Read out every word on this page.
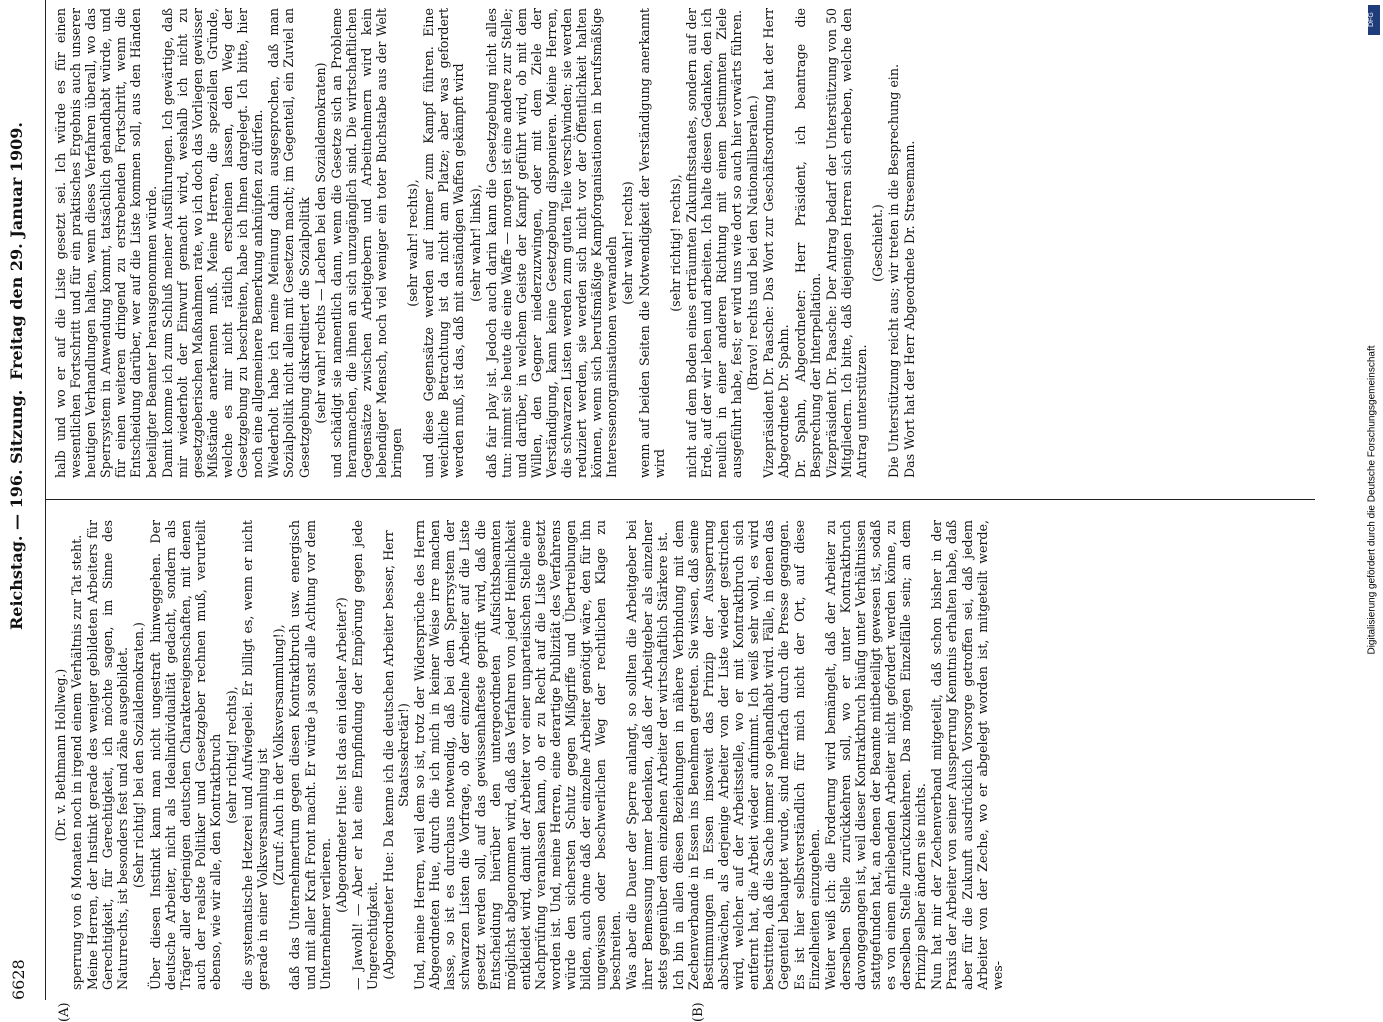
6628
Reichstag. — 196. Sitzung.
Freitag den 29. Januar 1909.
(A)	(B)

(Dr. v. Bethmann Hollweg.) sperrung von 6 Monaten noch in irgend einem Verhältnis zur Tat steht. Meine Herren, der Instinkt gerade des weniger gebildeten Arbeiters für Gerechtigkeit, für Gerechtigkeit, ich möchte sagen, im Sinne des Naturrechts, ist besonders fest und zähe ausgebildet. (Sehr richtig! bei den Sozialdemokraten.) Über diesen Instinkt kann man nicht ungestraft hinweggehen. Der deutsche Arbeiter, nicht als Idealindividualität gedacht, sondern als Träger aller derjenigen deutschen Charaktereigenschaften, mit denen auch der realste Politiker und Gesetzgeber rechnen muß, verurteilt ebenso, wie wir alle, den Kontraktbruch (sehr richtig! rechts), die systematische Hetzerei und Aufwiegelei. Er billigt es, wenn er nicht gerade in einer Volksversammlung ist (Zuruf: Auch in der Volksversammlung!), daß das Unternehmertum gegen diesen Kontraktbruch usw. energisch und mit aller Kraft Front macht. Er würde ja sonst alle Achtung vor dem Unternehmer verlieren.

(Abgeordneter Hue: Ist das ein idealer Arbeiter?) — Jawohl! — Aber er hat eine Empfindung der Empörung gegen jede Ungerechtigkeit. (Abgeordneter Hue: Da kenne ich die deutschen Arbeiter besser, Herr Staatssekretär!) Und, meine Herren, weil dem so ist, trotz der Widersprüche des Herrn Abgeordneten Hue, durch die ich mich in keiner Weise irre machen lasse, so ist es durchaus notwendig, daß bei dem Sperrsystem der schwarzen Listen die Vorfrage, ob der einzelne Arbeiter auf die Liste gesetzt werden soll, auf das gewissenhafteste geprüft wird, daß die Entscheidung hierüber den untergeordneten Aufsichtsbeamten möglichst abgenommen wird, daß das Verfahren von jeder Heimlichkeit entkleidet wird, damit der Arbeiter vor einer unparteiischen Stelle eine Nachprüfung veranlassen kann, ob er zu Recht auf die Liste gesetzt worden ist. Und, meine Herren, eine derartige Publizität des Verfahrens würde den sichersten Schutz gegen Mißgriffe und Übertreibungen bilden, auch ohne daß der einzelne Arbeiter genötigt wäre, den für ihn ungewissen oder beschwerlichen Weg der rechtlichen Klage zu beschreiten. Was aber die Dauer der Sperre anlangt, so sollten die Arbeitgeber bei ihrer Bemessung immer bedenken, daß der Arbeitgeber als einzelner stets gegenüber dem einzelnen Arbeiter der wirtschaftlich Stärkere ist. Ich bin in allen diesen Beziehungen in nähere Verbindung mit dem Zechenverbande in Essen ins Benehmen getreten. Sie wissen, daß seine Bestimmungen in Essen insoweit das Prinzip der Aussperrung abschwächen, als derjenige Arbeiter von der Liste wieder gestrichen wird, welcher auf der Arbeitsstelle, wo er mit Kontraktbruch sich entfernt hat, die Arbeit wieder aufnimmt. Ich weiß sehr wohl, es wird bestritten, daß die Sache immer so gehandhabt wird. Fälle, in denen das Gegenteil behauptet wurde, sind mehrfach durch die Presse gegangen. Es ist hier selbstverständlich für mich nicht der Ort, auf diese Einzelheiten einzugehen. Weiter weiß ich: die Forderung wird bemängelt, daß der Arbeiter zu derselben Stelle zurückkehren soll, wo er unter Kontraktbruch davongegangen ist, weil dieser Kontraktbruch häufig unter Verhältnissen stattgefunden hat, an denen der Beamte mitbeteiligt gewesen ist, sodaß es von einem ehrliebenden Arbeiter nicht gefordert werden könne, zu derselben Stelle zurückzukehren. Das mögen Einzelfälle sein; an dem Prinzip selber ändern sie nichts. Nun hat mir der Zechenverband mitgeteilt, daß schon bisher in der Praxis der Arbeiter von seiner Aussperrung Kenntnis erhalten habe, daß aber für die Zukunft ausdrücklich Vorsorge getroffen sei, daß jedem Arbeiter von der Zeche, wo er abgelegt worden ist, mitgeteilt werde, wes-

halb und wo er auf die Liste gesetzt sei. Ich würde es für einen wesentlichen Fortschritt und für ein praktisches Ergebnis auch unserer heutigen Verhandlungen halten, wenn dieses Verfahren überall, wo das Sperrsystem in Anwendung kommt, tatsächlich gehandhabt würde, und für einen weiteren dringend zu erstrebenden Fortschritt, wenn die Entscheidung darüber, wer auf die Liste kommen soll, aus den Händen beteiligter Beamter herausgenommen würde. Damit komme ich zum Schluß meiner Ausführungen. Ich gewärtige, daß mir wiederholt der Einwurf gemacht wird, weshalb ich nicht zu gesetzgeberischen Maßnahmen rate, wo ich doch das Vorliegen gewisser Mißstände anerkennen muß. Meine Herren, die speziellen Gründe, welche es mir nicht rätlich erscheinen lassen, den Weg der Gesetzgebung zu beschreiten, habe ich Ihnen dargelegt. Ich bitte, hier noch eine allgemeinere Bemerkung anknüpfen zu dürfen. Wiederholt habe ich meine Meinung dahin ausgesprochen, daß man Sozialpolitik nicht allein mit Gesetzen macht; im Gegenteil, ein Zuviel an Gesetzgebung diskreditiert die Sozialpolitik (sehr wahr! rechts — Lachen bei den Sozialdemokraten) und schädigt sie namentlich dann, wenn die Gesetze sich an Probleme heranmachen, die ihnen an sich unzugänglich sind. Die wirtschaftlichen Gegensätze zwischen Arbeitgebern und Arbeitnehmern wird kein lebendiger Mensch, noch viel weniger ein toter Buchstabe aus der Welt bringen

(sehr wahr! rechts), und diese Gegensätze werden auf immer zum Kampf führen. Eine weichliche Betrachtung ist da nicht am Platze; aber was gefordert werden muß, ist das, daß mit anständigen Waffen gekämpft wird (sehr wahr! links), daß fair play ist. Jedoch auch darin kann die Gesetzgebung nicht alles tun: nimmt sie heute die eine Waffe — morgen ist eine andere zur Stelle; und darüber, in welchem Geiste der Kampf geführt wird, ob mit dem Willen, den Gegner niederzuzwingen, oder mit dem Ziele der Verständigung, kann keine Gesetzgebung disponieren. Meine Herren, die schwarzen Listen werden zum guten Teile verschwinden; sie werden reduziert werden, sie werden sich nicht vor der Öffentlichkeit halten können, wenn sich berufsmäßige Kampforganisationen in berufsmäßige Interessenorganisationen verwandeln (sehr wahr! rechts) wenn auf beiden Seiten die Notwendigkeit der Verständigung anerkannt wird

(sehr richtig! rechts), nicht auf dem Boden eines erträumten Zukunftsstaates, sondern auf der Erde, auf der wir leben und arbeiten. Ich halte diesen Gedanken, den ich neulich in einer anderen Richtung mit einem bestimmten Ziele ausgeführt habe, fest; er wird uns wie dort so auch hier vorwärts führen. (Bravo! rechts und bei den Nationalliberalen.) Vizepräsident Dr. Paasche: Das Wort zur Geschäftsordnung hat der Herr Abgeordnete Dr. Spahn. Dr. Spahn, Abgeordneter: Herr Präsident, ich beantrage die Besprechung der Interpellation. Vizepräsident Dr. Paasche: Der Antrag bedarf der Unterstützung von 50 Mitgliedern. Ich bitte, daß diejenigen Herren sich erheben, welche den Antrag unterstützen.

(Geschieht.) Die Unterstützung reicht aus; wir treten in die Besprechung ein. Das Wort hat der Herr Abgeordnete Dr. Stresemann.

Digitalisierung gefördert durch die Deutsche Forschungsgemeinschaft
DFG
